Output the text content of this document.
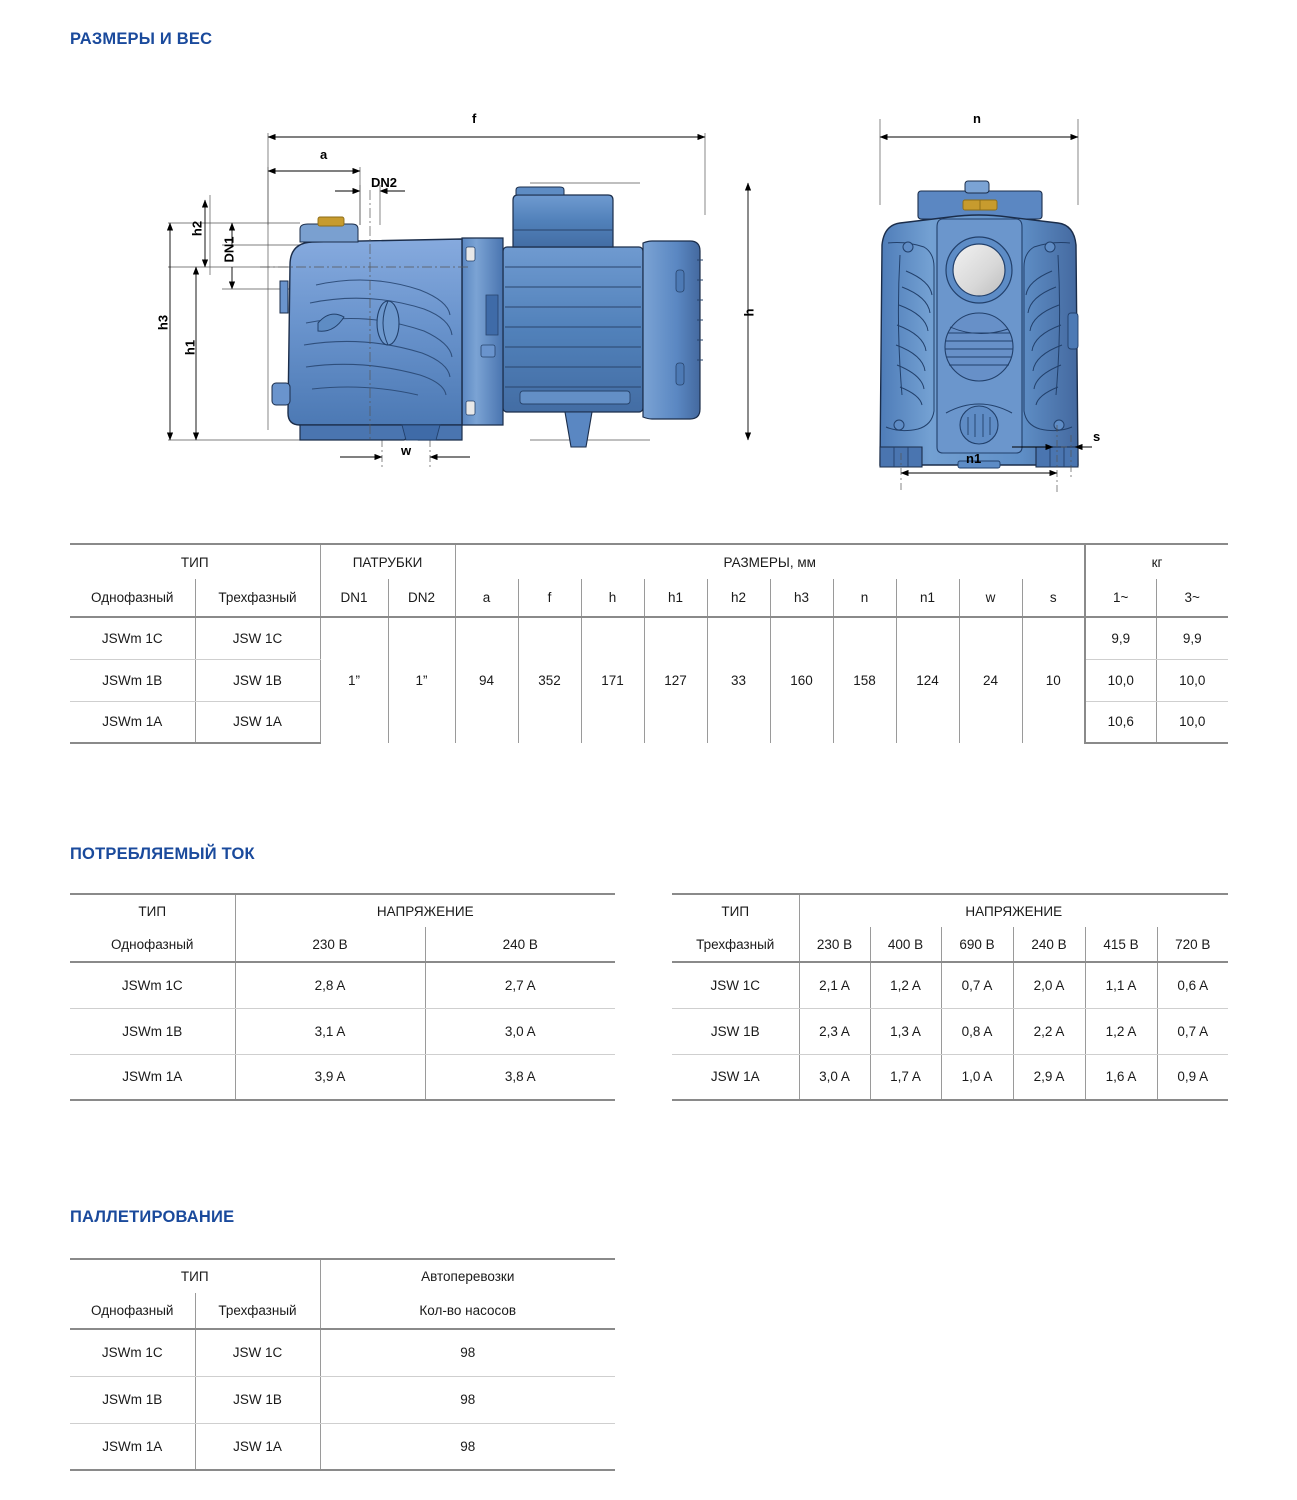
РАЗМЕРЫ И ВЕС
f
a
DN2
h2
DN1
h3
h1
w
h
n
n1
s
ТИП		ПАТРУБКИ		РАЗМЕРЫ, мм										кг	
Однофазный	Трехфазный	DN1	DN2	a	f	h	h1	h2	h3	n	n1	w	s	1~	3~
JSWm 1C	JSW 1C	1”	1”	94	352	171	127	33	160	158	124	24	10	9,9	9,9
JSWm 1B	JSW 1B													10,0	10,0
JSWm 1A	JSW 1A													10,6	10,0
ПОТРЕБЛЯЕМЫЙ ТОК
ТИП	НАПРЯЖЕНИЕ	
Однофазный	230 В	240 В
JSWm 1C	2,8 A	2,7 A
JSWm 1B	3,1 A	3,0 A
JSWm 1A	3,9 A	3,8 A
ТИП	НАПРЯЖЕНИЕ					
Трехфазный	230 В	400 В	690 В	240 В	415 В	720 В
JSW 1C	2,1 A	1,2 A	0,7 A	2,0 A	1,1 A	0,6 A
JSW 1B	2,3 A	1,3 A	0,8 A	2,2 A	1,2 A	0,7 A
JSW 1A	3,0 A	1,7 A	1,0 A	2,9 A	1,6 A	0,9 A
ПАЛЛЕТИРОВАНИЕ
ТИП		Автоперевозки
Однофазный	Трехфазный	Кол-во насосов
JSWm 1C	JSW 1C	98
JSWm 1B	JSW 1B	98
JSWm 1A	JSW 1A	98
